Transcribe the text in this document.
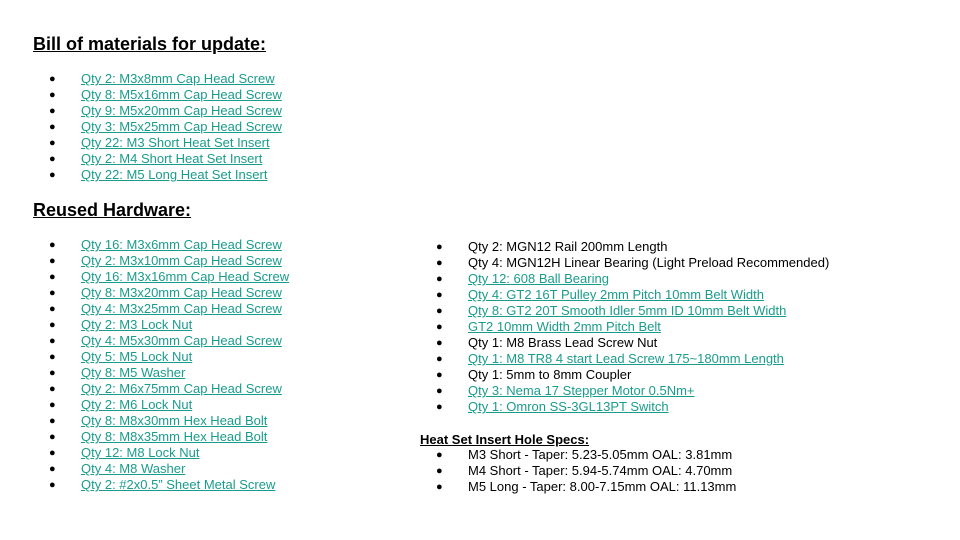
Bill of materials for update:
● Qty 2: M3x8mm Cap Head Screw
● Qty 8: M5x16mm Cap Head Screw
● Qty 9: M5x20mm Cap Head Screw
● Qty 3: M5x25mm Cap Head Screw
● Qty 22: M3 Short Heat Set Insert
● Qty 2: M4 Short Heat Set Insert
● Qty 22: M5 Long Heat Set Insert
Reused Hardware:
● Qty 16: M3x6mm Cap Head Screw
● Qty 2: M3x10mm Cap Head Screw
● Qty 16: M3x16mm Cap Head Screw
● Qty 8: M3x20mm Cap Head Screw
● Qty 4: M3x25mm Cap Head Screw
● Qty 2: M3 Lock Nut
● Qty 4: M5x30mm Cap Head Screw
● Qty 5: M5 Lock Nut
● Qty 8: M5 Washer
● Qty 2: M6x75mm Cap Head Screw
● Qty 2: M6 Lock Nut
● Qty 8: M8x30mm Hex Head Bolt
● Qty 8: M8x35mm Hex Head Bolt
● Qty 12: M8 Lock Nut
● Qty 4: M8 Washer
● Qty 2: #2x0.5” Sheet Metal Screw
● Qty 2: MGN12 Rail 200mm Length
● Qty 4: MGN12H Linear Bearing (Light Preload Recommended)
● Qty 12: 608 Ball Bearing
● Qty 4: GT2 16T Pulley 2mm Pitch 10mm Belt Width
● Qty 8: GT2 20T Smooth Idler 5mm ID 10mm Belt Width
● GT2 10mm Width 2mm Pitch Belt
● Qty 1: M8 Brass Lead Screw Nut
● Qty 1: M8 TR8 4 start Lead Screw 175~180mm Length
● Qty 1: 5mm to 8mm Coupler
● Qty 3: Nema 17 Stepper Motor 0.5Nm+
● Qty 1: Omron SS-3GL13PT Switch
Heat Set Insert Hole Specs:
● M3 Short - Taper: 5.23-5.05mm OAL: 3.81mm
● M4 Short - Taper: 5.94-5.74mm OAL: 4.70mm
● M5 Long - Taper: 8.00-7.15mm OAL: 11.13mm
